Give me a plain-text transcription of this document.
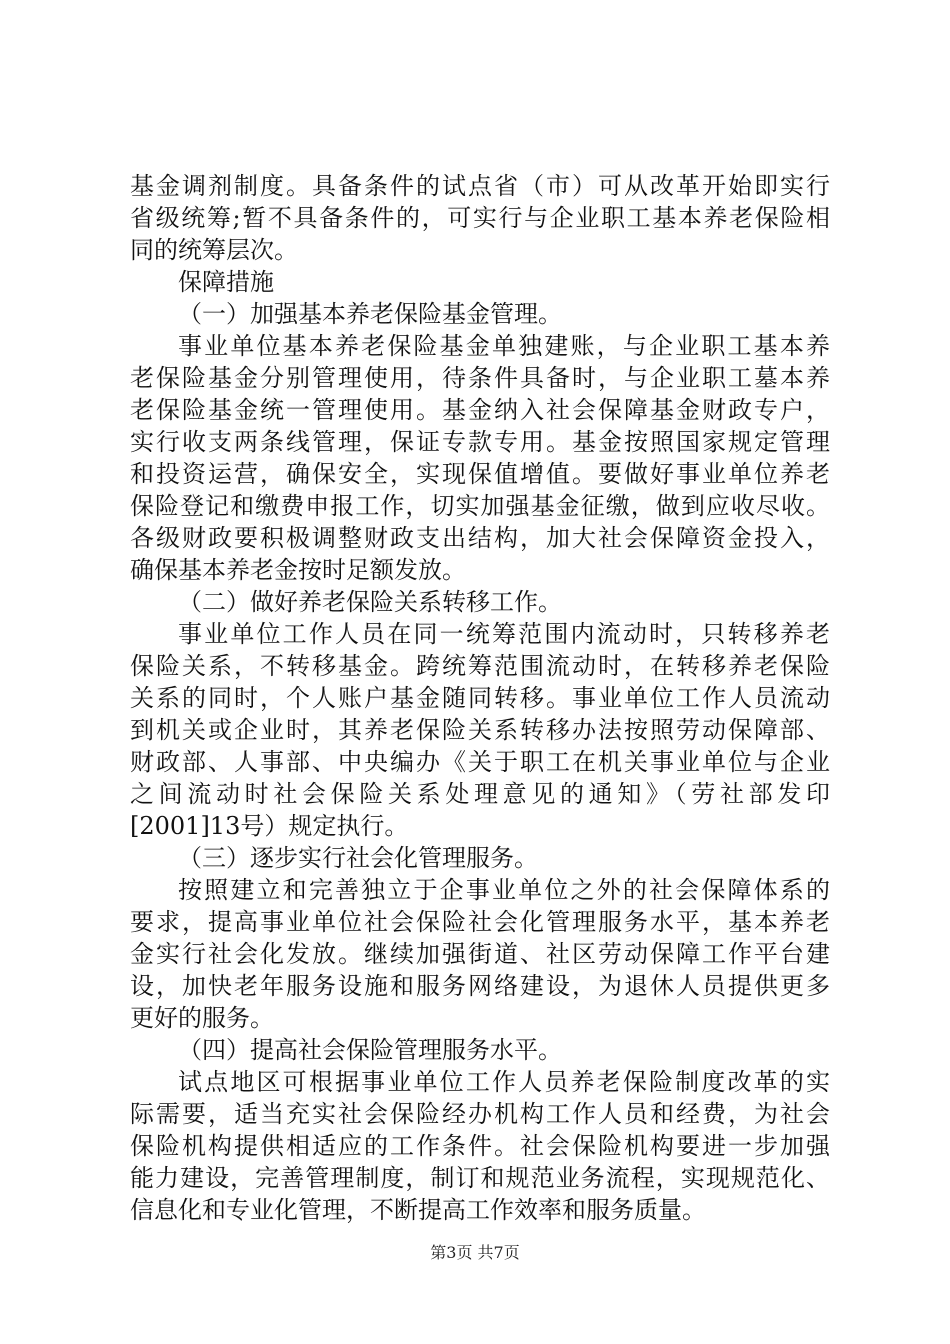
基金调剂制度。具备条件的试点省（市）可从改革开始即实行
省级统筹;暂不具备条件的，可实行与企业职工基本养老保险相
同的统筹层次。
保障措施
（一）加强基本养老保险基金管理。
事业单位基本养老保险基金单独建账，与企业职工基本养
老保险基金分别管理使用，待条件具备时，与企业职工墓本养
老保险基金统一管理使用。基金纳入社会保障基金财政专户，
实行收支两条线管理，保证专款专用。基金按照国家规定管理
和投资运营，确保安全，实现保值增值。要做好事业单位养老
保险登记和缴费申报工作，切实加强基金征缴，做到应收尽收。
各级财政要积极调整财政支出结构，加大社会保障资金投入，
确保基本养老金按时足额发放。
（二）做好养老保险关系转移工作。
事业单位工作人员在同一统筹范围内流动时，只转移养老
保险关系，不转移基金。跨统筹范围流动时，在转移养老保险
关系的同时，个人账户基金随同转移。事业单位工作人员流动
到机关或企业时，其养老保险关系转移办法按照劳动保障部、
财政部、人事部、中央编办《关于职工在机关事业单位与企业
之间流动时社会保险关系处理意见的通知》（劳社部发印
[2001]13号）规定执行。
（三）逐步实行社会化管理服务。
按照建立和完善独立于企事业单位之外的社会保障体系的
要求，提高事业单位社会保险社会化管理服务水平，基本养老
金实行社会化发放。继续加强街道、社区劳动保障工作平台建
设，加快老年服务设施和服务网络建设，为退休人员提供更多
更好的服务。
（四）提高社会保险管理服务水平。
试点地区可根据事业单位工作人员养老保险制度改革的实
际需要，适当充实社会保险经办机构工作人员和经费，为社会
保险机构提供相适应的工作条件。社会保险机构要进一步加强
能力建设，完善管理制度，制订和规范业务流程，实现规范化、
信息化和专业化管理，不断提高工作效率和服务质量。
第3页 共7页
